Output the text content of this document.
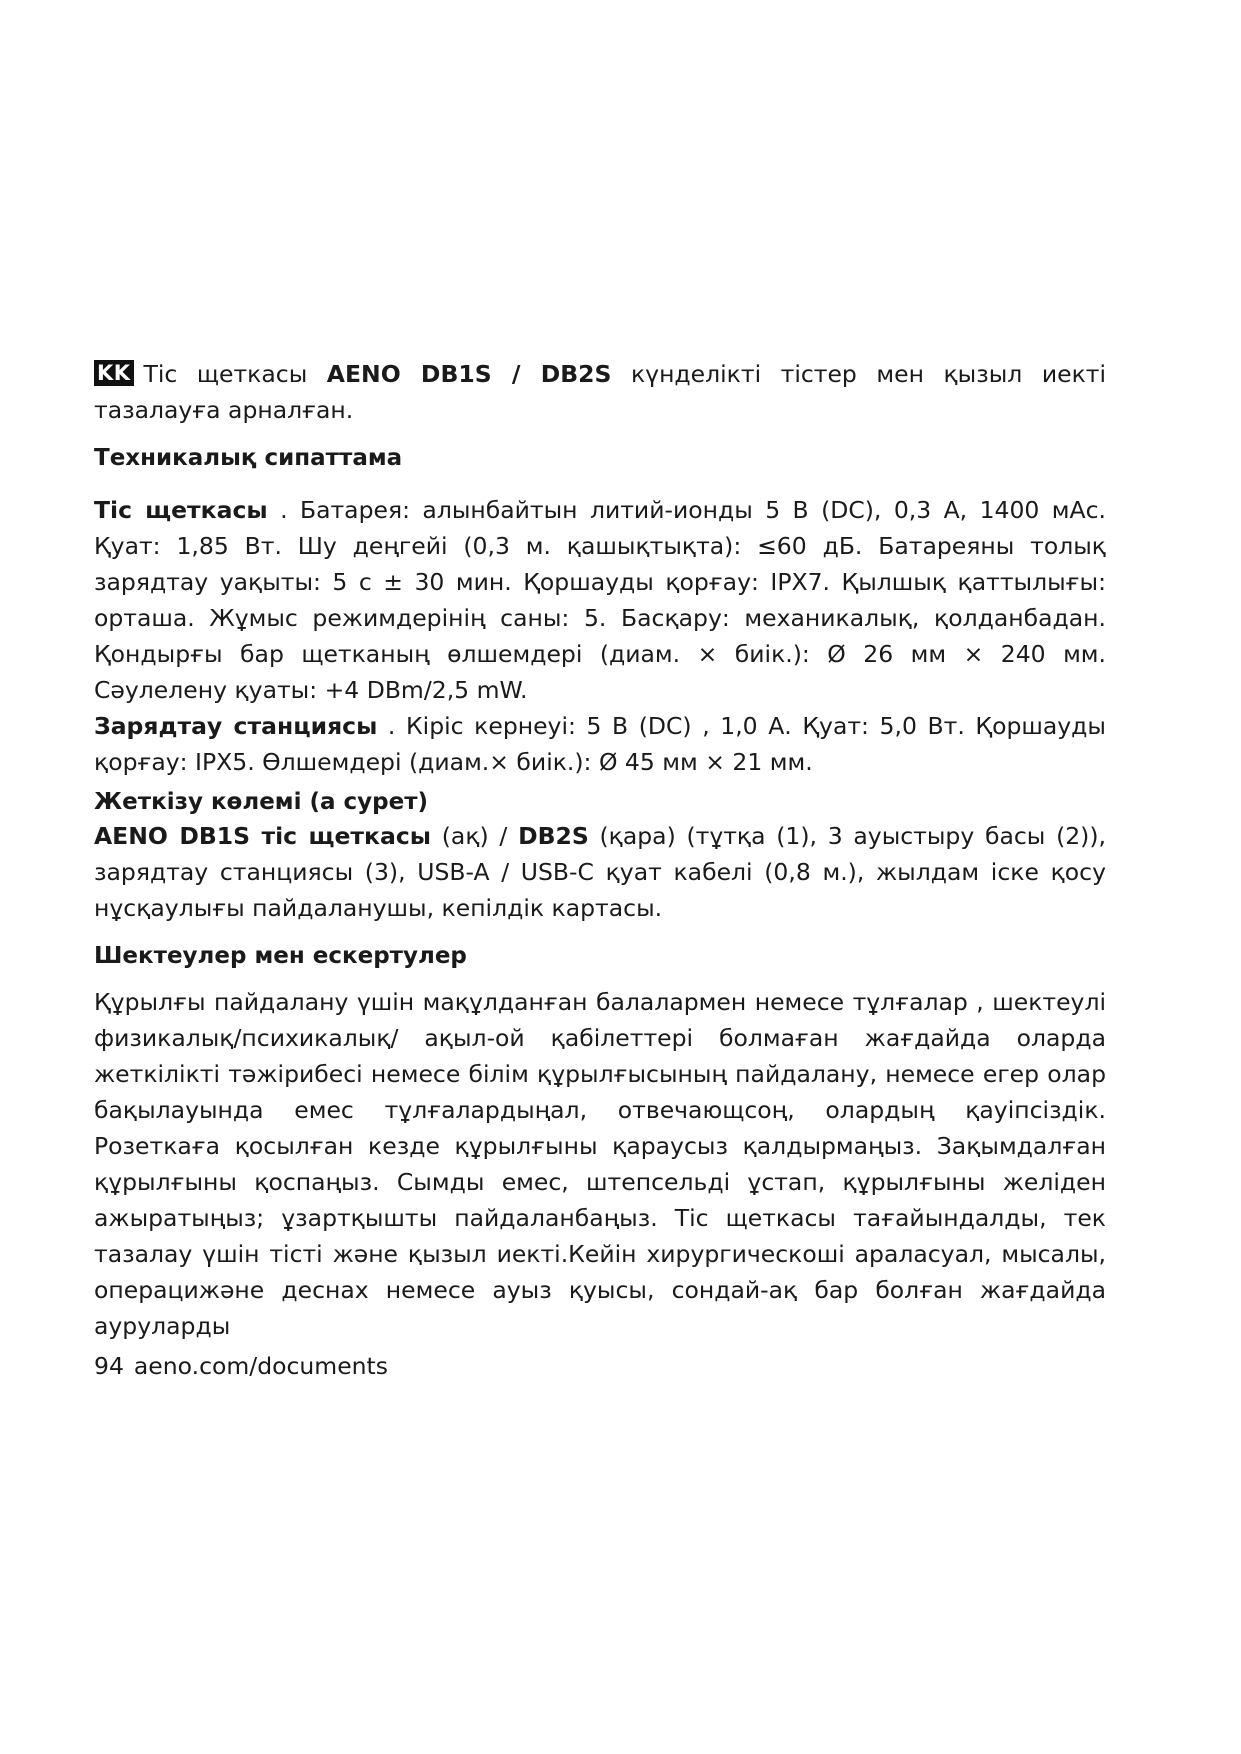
KK Тіс щеткасы AENO DB1S / DB2S күнделікті тістер мен қызыл иекті тазалауға арналған.

Техникалық сипаттама

Тіс щеткасы . Батарея: алынбайтын литий-ионды 5 В (DC), 0,3 А, 1400 мАс. Қуат: 1,85 Вт. Шу деңгейі (0,3 м. қашықтықта): ≤60 дБ. Батареяны толық зарядтау уақыты: 5 с ± 30 мин. Қоршауды қорғау: IPX7. Қылшық қаттылығы: орташа. Жұмыс режимдерінің саны: 5. Басқару: механикалық, қолданбадан. Қондырғы бар щетканың өлшемдері (диам. × биік.): Ø 26 мм × 240 мм. Сәулелену қуаты: +4 DBm/2,5 mW.

Зарядтау станциясы . Кіріс кернеуі: 5 В (DC) , 1,0 А. Қуат: 5,0 Вт. Қоршауды қорғау: IPX5. Өлшемдері (диам.× биік.): Ø 45 мм × 21 мм.

Жеткізу көлемі (а сурет)

AENO DB1S тіс щеткасы (ақ) / DB2S (қара) (тұтқа (1), 3 ауыстыру басы (2)), зарядтау станциясы (3), USB-A / USB-C қуат кабелі (0,8 м.), жылдам іске қосу нұсқаулығы пайдаланушы, кепілдік картасы.

Шектеулер мен ескертулер

Құрылғы пайдалану үшін мақұлданған балалармен немесе тұлғалар , шектеулі физикалық/психикалық/ ақыл-ой қабілеттері болмаған жағдайда оларда жеткілікті тәжірибесі немесе білім құрылғысының пайдалану, немесе егер олар бақылауында емес тұлғалардыңал, отвечающсоң, олардың қауіпсіздік. Розеткаға қосылған кезде құрылғыны қараусыз қалдырмаңыз. Зақымдалған құрылғыны қоспаңыз. Сымды емес, штепсельді ұстап, құрылғыны желіден ажыратыңыз; ұзартқышты пайдаланбаңыз. Тіс щеткасы тағайындалды, тек тазалау үшін тісті және қызыл иекті.Кейін хирургическошi араласуал, мысалы, операцижәне деснах немесе ауыз қуысы, сондай-ақ бар болған жағдайда ауруларды

94 aeno.com/documents
